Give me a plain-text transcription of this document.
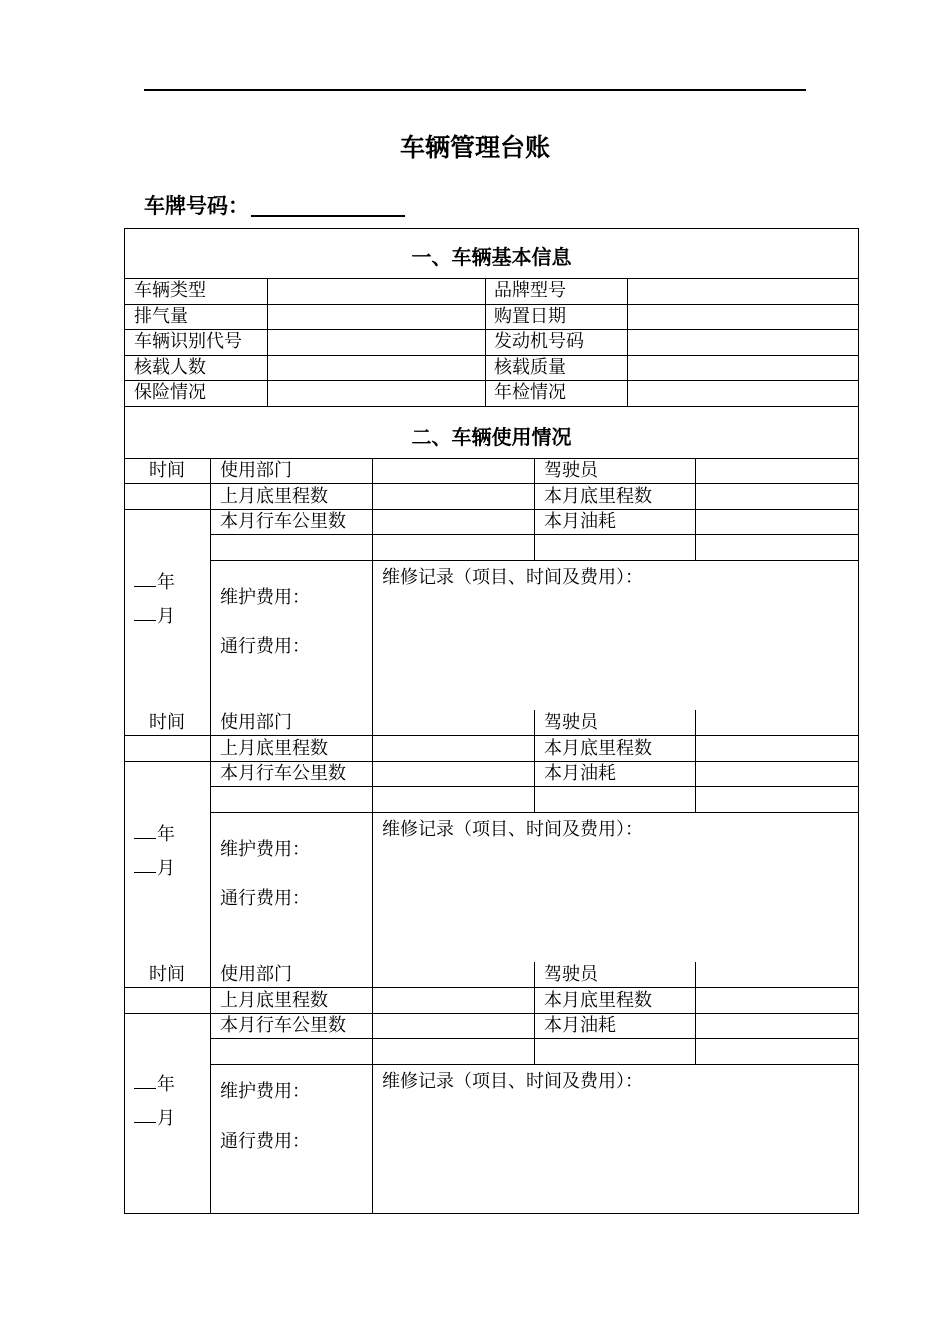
车辆管理台账
车牌号码：
一、车辆基本信息
二、车辆使用情况
车辆类型	品牌型号
排气量	购置日期
车辆识别代号	发动机号码
核载人数	核载质量
保险情况	年检情况
时间	使用部门	驾驶员
上月底里程数	本月底里程数
本月行车公里数	本月油耗
维修记录（项目、时间及费用）：
维护费用：
通行费用：
年
月
时间	使用部门	驾驶员
上月底里程数	本月底里程数
本月行车公里数	本月油耗
维修记录（项目、时间及费用）：
维护费用：
通行费用：
年
月
时间	使用部门	驾驶员
上月底里程数	本月底里程数
本月行车公里数	本月油耗
维修记录（项目、时间及费用）：
维护费用：
通行费用：
年
月
